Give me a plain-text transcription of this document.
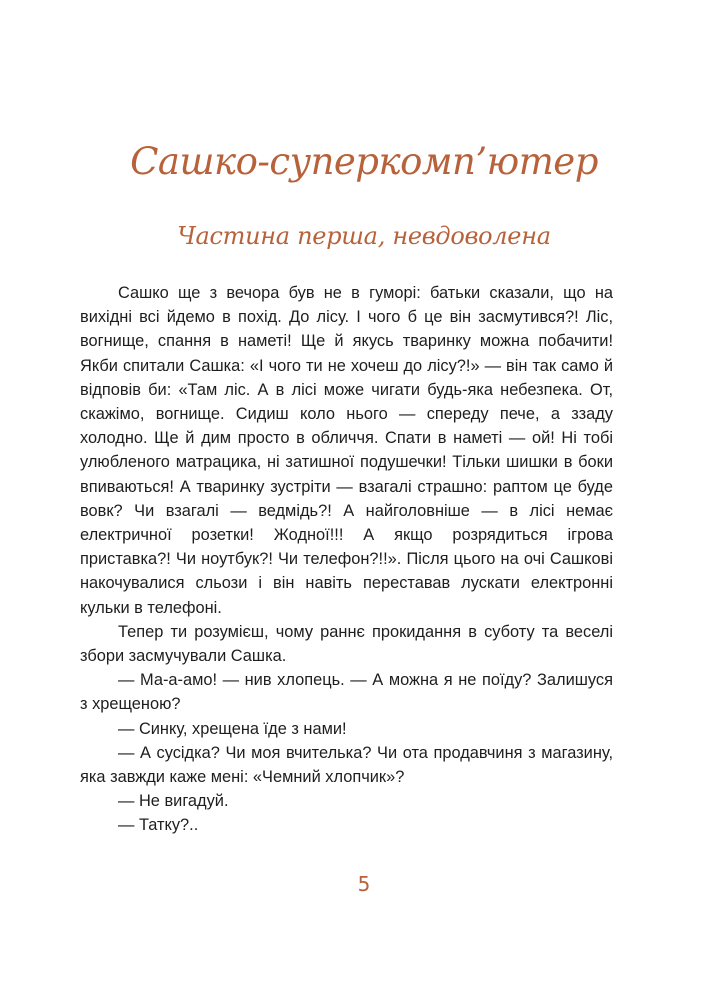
Сашко-суперкомп’ютер
Частина перша, невдоволена

Сашко ще з вечора був не в гуморі: батьки сказали, що на вихідні всі йдемо в похід. До лісу. І чого б це він засмутився?! Ліс, вогнище, спання в наметі! Ще й якусь тваринку можна побачити! Якби спитали Сашка: «І чого ти не хочеш до лісу?!» — він так само й відповів би: «Там ліс. А в лісі може чигати будь-яка небезпека. От, скажімо, вогнище. Сидиш коло нього — спереду пече, а ззаду холодно. Ще й дим просто в обличчя. Спати в наметі — ой! Ні тобі улюбленого матрацика, ні затишної подушечки! Тільки шишки в боки впиваються! А тваринку зустріти — взагалі страшно: раптом це буде вовк? Чи взагалі — ведмідь?! А найголовніше — в лісі немає електричної розетки! Жодної!!! А якщо розрядиться ігрова приставка?! Чи ноутбук?! Чи телефон?!!». Після цього на очі Сашкові накочувалися сльози і він навіть переставав лускати електронні кульки в телефоні.

Тепер ти розумієш, чому раннє прокидання в суботу та веселі збори засмучували Сашка.

— Ма-а-амо! — нив хлопець. — А можна я не поїду? Залишуся з хрещеною?

— Синку, хрещена їде з нами!

— А сусідка? Чи моя вчителька? Чи ота продавчиня з магазину, яка завжди каже мені: «Чемний хлопчик»?

— Не вигадуй.

— Татку?..

5
